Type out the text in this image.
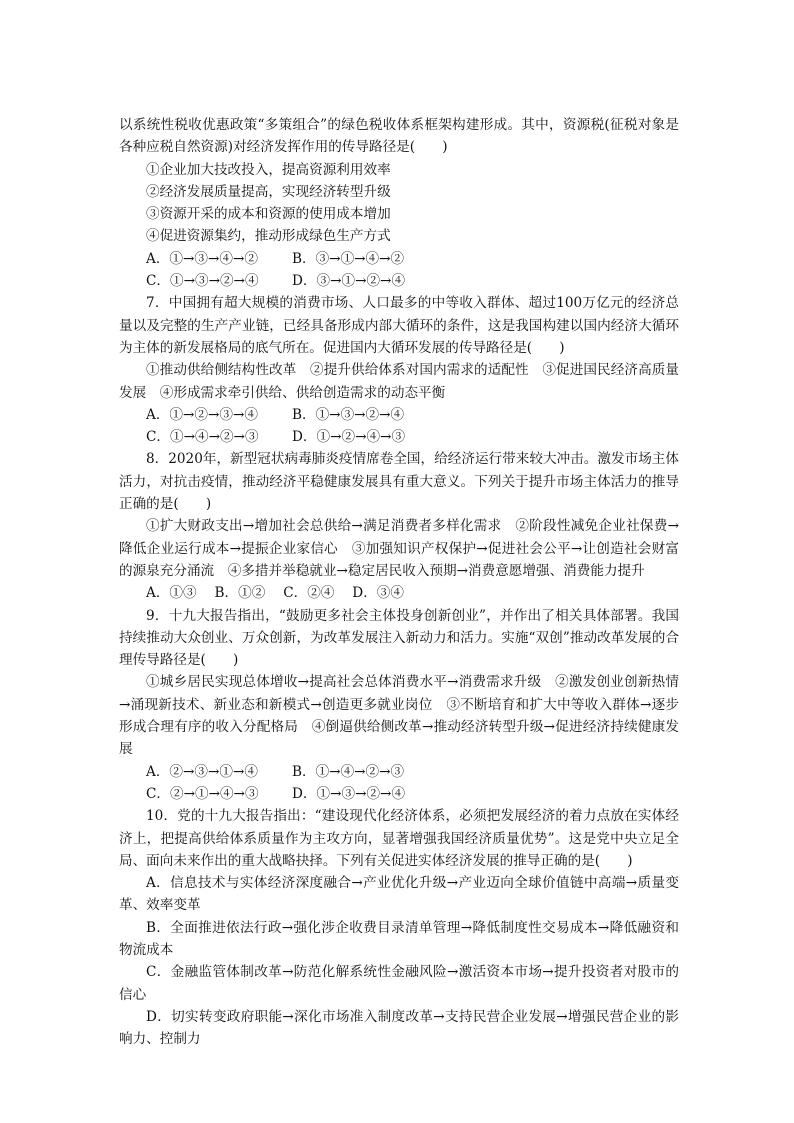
以系统性税收优惠政策“多策组合”的绿色税收体系框架构建形成。其中，资源税(征税对象是各种应税自然资源)对经济发挥作用的传导路径是(　　)

①企业加大技改投入，提高资源利用效率

②经济发展质量提高，实现经济转型升级

③资源开采的成本和资源的使用成本增加

④促进资源集约，推动形成绿色生产方式

A．①→③→④→②	B．③→①→④→②
C．①→③→②→④	D．③→①→②→④

7．中国拥有超大规模的消费市场、人口最多的中等收入群体、超过100万亿元的经济总量以及完整的生产产业链，已经具备形成内部大循环的条件，这是我国构建以国内经济大循环为主体的新发展格局的底气所在。促进国内大循环发展的传导路径是(　　)

①推动供给侧结构性改革　②提升供给体系对国内需求的适配性　③促进国民经济高质量发展　④形成需求牵引供给、供给创造需求的动态平衡

A．①→②→③→④	B．①→③→②→④
C．①→④→②→③	D．①→②→④→③

8．2020年，新型冠状病毒肺炎疫情席卷全国，给经济运行带来较大冲击。激发市场主体活力，对抗击疫情，推动经济平稳健康发展具有重大意义。下列关于提升市场主体活力的推导正确的是(　　)

①扩大财政支出→增加社会总供给→满足消费者多样化需求　②阶段性减免企业社保费→降低企业运行成本→提振企业家信心　③加强知识产权保护→促进社会公平→让创造社会财富的源泉充分涌流　④多措并举稳就业→稳定居民收入预期→消费意愿增强、消费能力提升

A．①③　 B．①②　 C．②④　 D．③④

9．十九大报告指出，“鼓励更多社会主体投身创新创业”，并作出了相关具体部署。我国持续推动大众创业、万众创新，为改革发展注入新动力和活力。实施“双创”推动改革发展的合理传导路径是(　　)

①城乡居民实现总体增收→提高社会总体消费水平→消费需求升级　②激发创业创新热情→涌现新技术、新业态和新模式→创造更多就业岗位　③不断培育和扩大中等收入群体→逐步形成合理有序的收入分配格局　④倒逼供给侧改革→推动经济转型升级→促进经济持续健康发展

A．②→③→①→④	B．①→④→②→③
C．②→①→④→③	D．①→③→②→④

10．党的十九大报告指出：“建设现代化经济体系，必须把发展经济的着力点放在实体经济上，把提高供给体系质量作为主攻方向，显著增强我国经济质量优势”。这是党中央立足全局、面向未来作出的重大战略抉择。下列有关促进实体经济发展的推导正确的是(　　)

A．信息技术与实体经济深度融合→产业优化升级→产业迈向全球价值链中高端→质量变革、效率变革

B．全面推进依法行政→强化涉企收费目录清单管理→降低制度性交易成本→降低融资和物流成本

C．金融监管体制改革→防范化解系统性金融风险→激活资本市场→提升投资者对股市的信心

D．切实转变政府职能→深化市场准入制度改革→支持民营企业发展→增强民营企业的影响力、控制力
